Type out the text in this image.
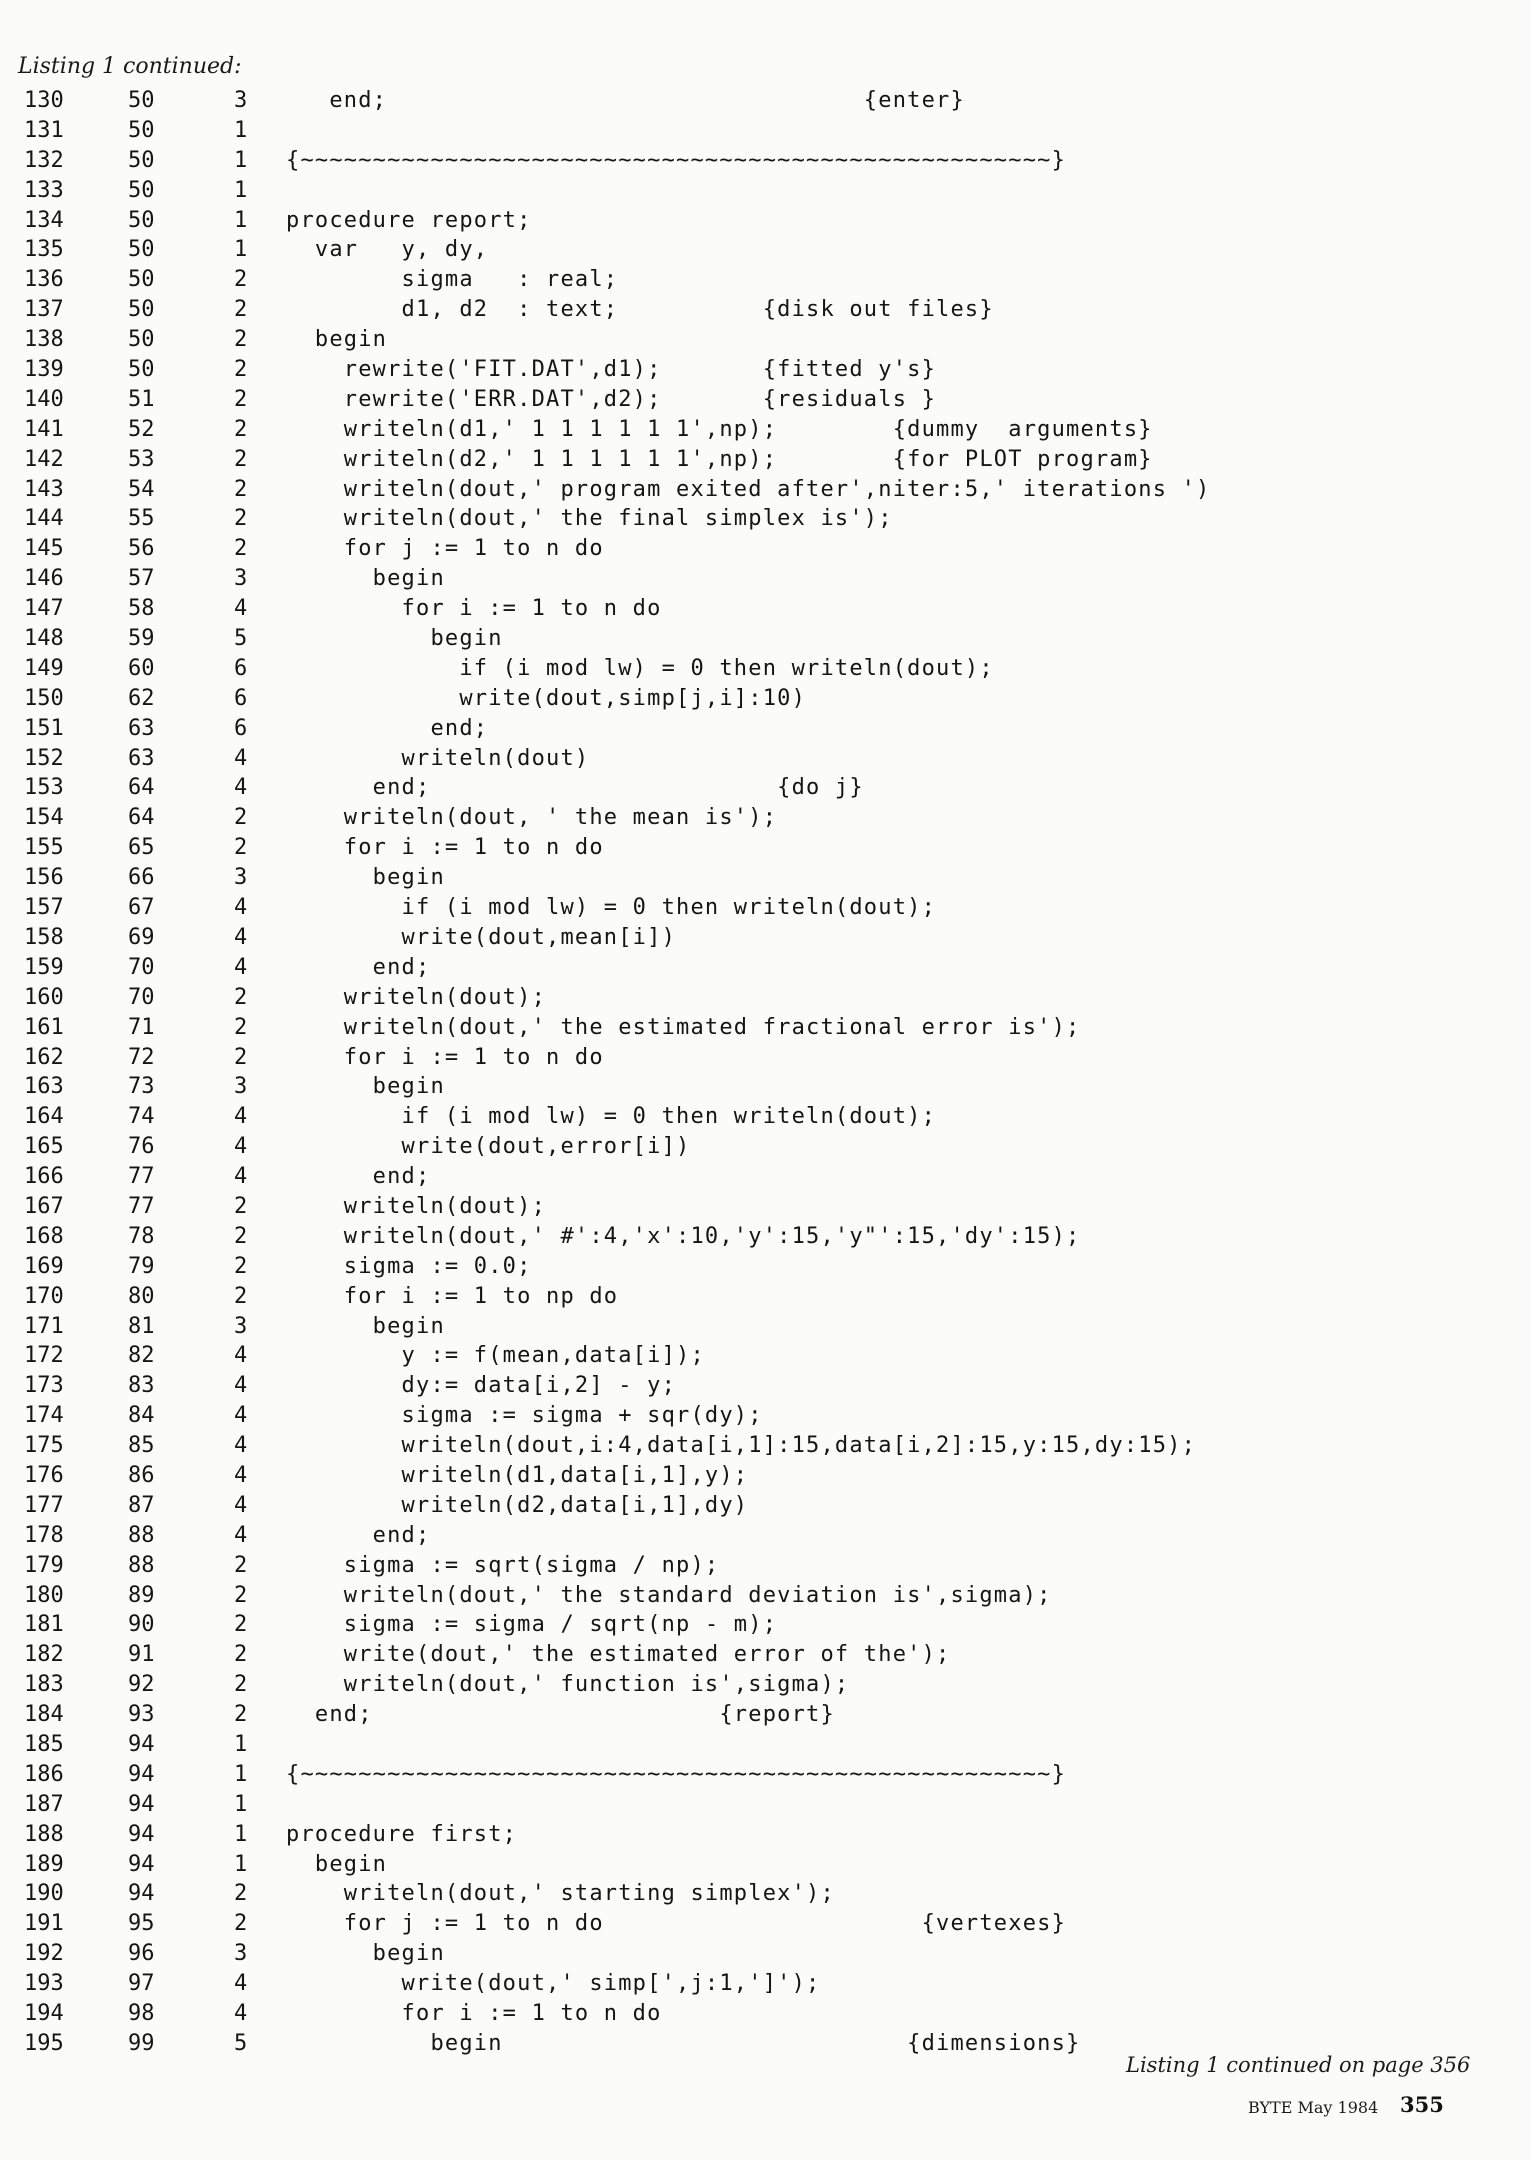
Listing 1 continued:
130	50	3 end;                                 {enter}
131	50	1
132	50	1 {~~~~~~~~~~~~~~~~~~~~~~~~~~~~~~~~~~~~~~~~~~~~~~~~~~~~}
133	50	1
134	50	1 procedure report;
135	50	1 var   y, dy,
136	50	2 sigma   : real;
137	50	2 d1, d2  : text;          {disk out files}
138	50	2 begin
139	50	2 rewrite('FIT.DAT',d1);       {fitted y's}
140	51	2 rewrite('ERR.DAT',d2);       {residuals }
141	52	2 writeln(d1,' 1 1 1 1 1 1',np);        {dummy  arguments}
142	53	2 writeln(d2,' 1 1 1 1 1 1',np);        {for PLOT program}
143	54	2 writeln(dout,' program exited after',niter:5,' iterations ')
144	55	2 writeln(dout,' the final simplex is');
145	56	2 for j := 1 to n do
146	57	3 begin
147	58	4 for i := 1 to n do
148	59	5 begin
149	60	6 if (i mod lw) = 0 then writeln(dout);
150	62	6 write(dout,simp[j,i]:10)
151	63	6 end;
152	63	4 writeln(dout)
153	64	4 end;                        {do j}
154	64	2 writeln(dout, ' the mean is');
155	65	2 for i := 1 to n do
156	66	3 begin
157	67	4 if (i mod lw) = 0 then writeln(dout);
158	69	4 write(dout,mean[i])
159	70	4 end;
160	70	2 writeln(dout);
161	71	2 writeln(dout,' the estimated fractional error is');
162	72	2 for i := 1 to n do
163	73	3 begin
164	74	4 if (i mod lw) = 0 then writeln(dout);
165	76	4 write(dout,error[i])
166	77	4 end;
167	77	2 writeln(dout);
168	78	2 writeln(dout,' #':4,'x':10,'y':15,'y"':15,'dy':15);
169	79	2 sigma := 0.0;
170	80	2 for i := 1 to np do
171	81	3 begin
172	82	4 y := f(mean,data[i]);
173	83	4 dy:= data[i,2] - y;
174	84	4 sigma := sigma + sqr(dy);
175	85	4 writeln(dout,i:4,data[i,1]:15,data[i,2]:15,y:15,dy:15);
176	86	4 writeln(d1,data[i,1],y);
177	87	4 writeln(d2,data[i,1],dy)
178	88	4 end;
179	88	2 sigma := sqrt(sigma / np);
180	89	2 writeln(dout,' the standard deviation is',sigma);
181	90	2 sigma := sigma / sqrt(np - m);
182	91	2 write(dout,' the estimated error of the');
183	92	2 writeln(dout,' function is',sigma);
184	93	2 end;                        {report}
185	94	1
186	94	1 {~~~~~~~~~~~~~~~~~~~~~~~~~~~~~~~~~~~~~~~~~~~~~~~~~~~~}
187	94	1
188	94	1 procedure first;
189	94	1 begin
190	94	2 writeln(dout,' starting simplex');
191	95	2 for j := 1 to n do                      {vertexes}
192	96	3 begin
193	97	4 write(dout,' simp[',j:1,']');
194	98	4 for i := 1 to n do
195	99	5 begin                            {dimensions}
Listing 1 continued on page 356
BYTE May 1984 355
